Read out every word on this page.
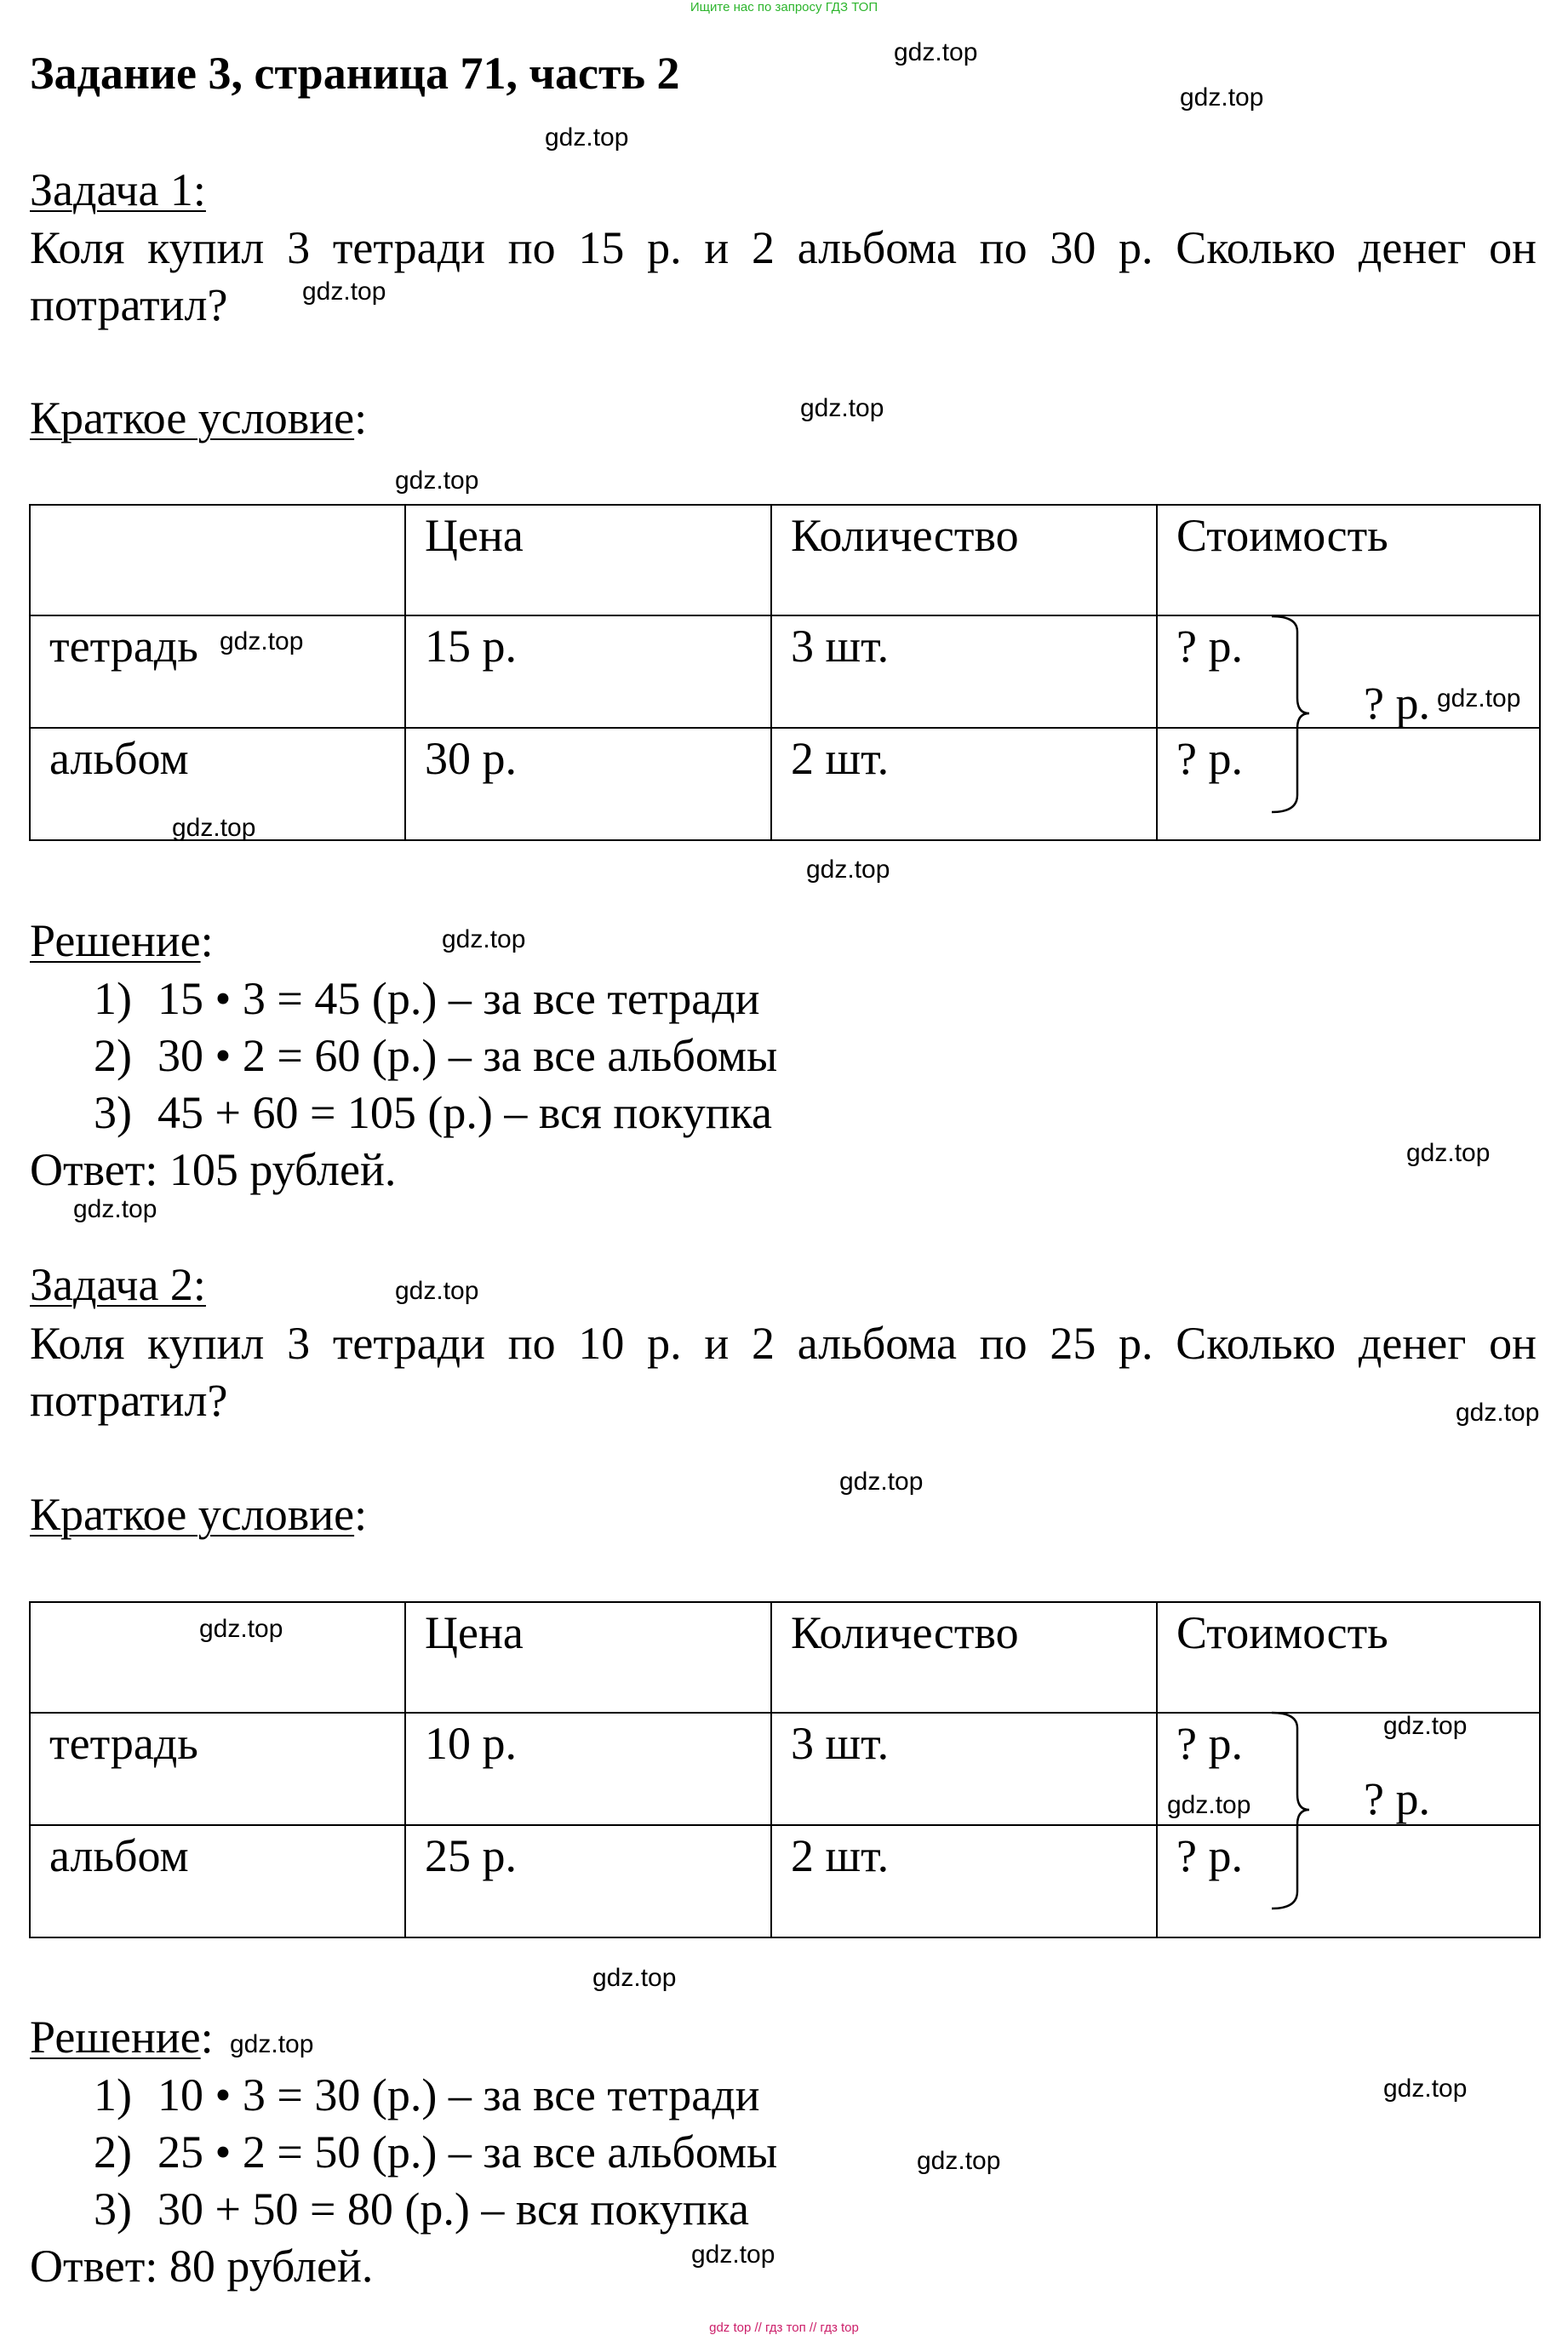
Ищите нас по запросу ГДЗ ТОП
Задание 3, страница 71, часть 2
Задача 1:
Коля купил 3 тетради по 15 р. и 2 альбома по 30 р. Сколько денег он потратил?
Краткое условие:
	Цена	Количество	Стоимость
тетрадь	15 р.	3 шт.	? р.
альбом	30 р.	2 шт.	? р.
? р.
Решение:
1) 15 • 3 = 45 (р.) – за все тетради
2) 30 • 2 = 60 (р.) – за все альбомы
3) 45 + 60 = 105 (р.) – вся покупка
Ответ: 105 рублей.
Задача 2:
Коля купил 3 тетради по 10 р. и 2 альбома по 25 р. Сколько денег он потратил?
Краткое условие:
	Цена	Количество	Стоимость
тетрадь	10 р.	3 шт.	? р.
альбом	25 р.	2 шт.	? р.
? р.
Решение:
1) 10 • 3 = 30 (р.) – за все тетради
2) 25 • 2 = 50 (р.) – за все альбомы
3) 30 + 50 = 80 (р.) – вся покупка
Ответ: 80 рублей.
gdz.top
gdz.top
gdz.top
gdz.top
gdz.top
gdz.top
gdz.top
gdz.top
gdz.top
gdz.top
gdz.top
gdz.top
gdz.top
gdz.top
gdz.top
gdz.top
gdz.top
gdz.top
gdz.top
gdz.top
gdz.top
gdz.top
gdz.top
gdz.top
gdz top // гдз топ // гдз top
